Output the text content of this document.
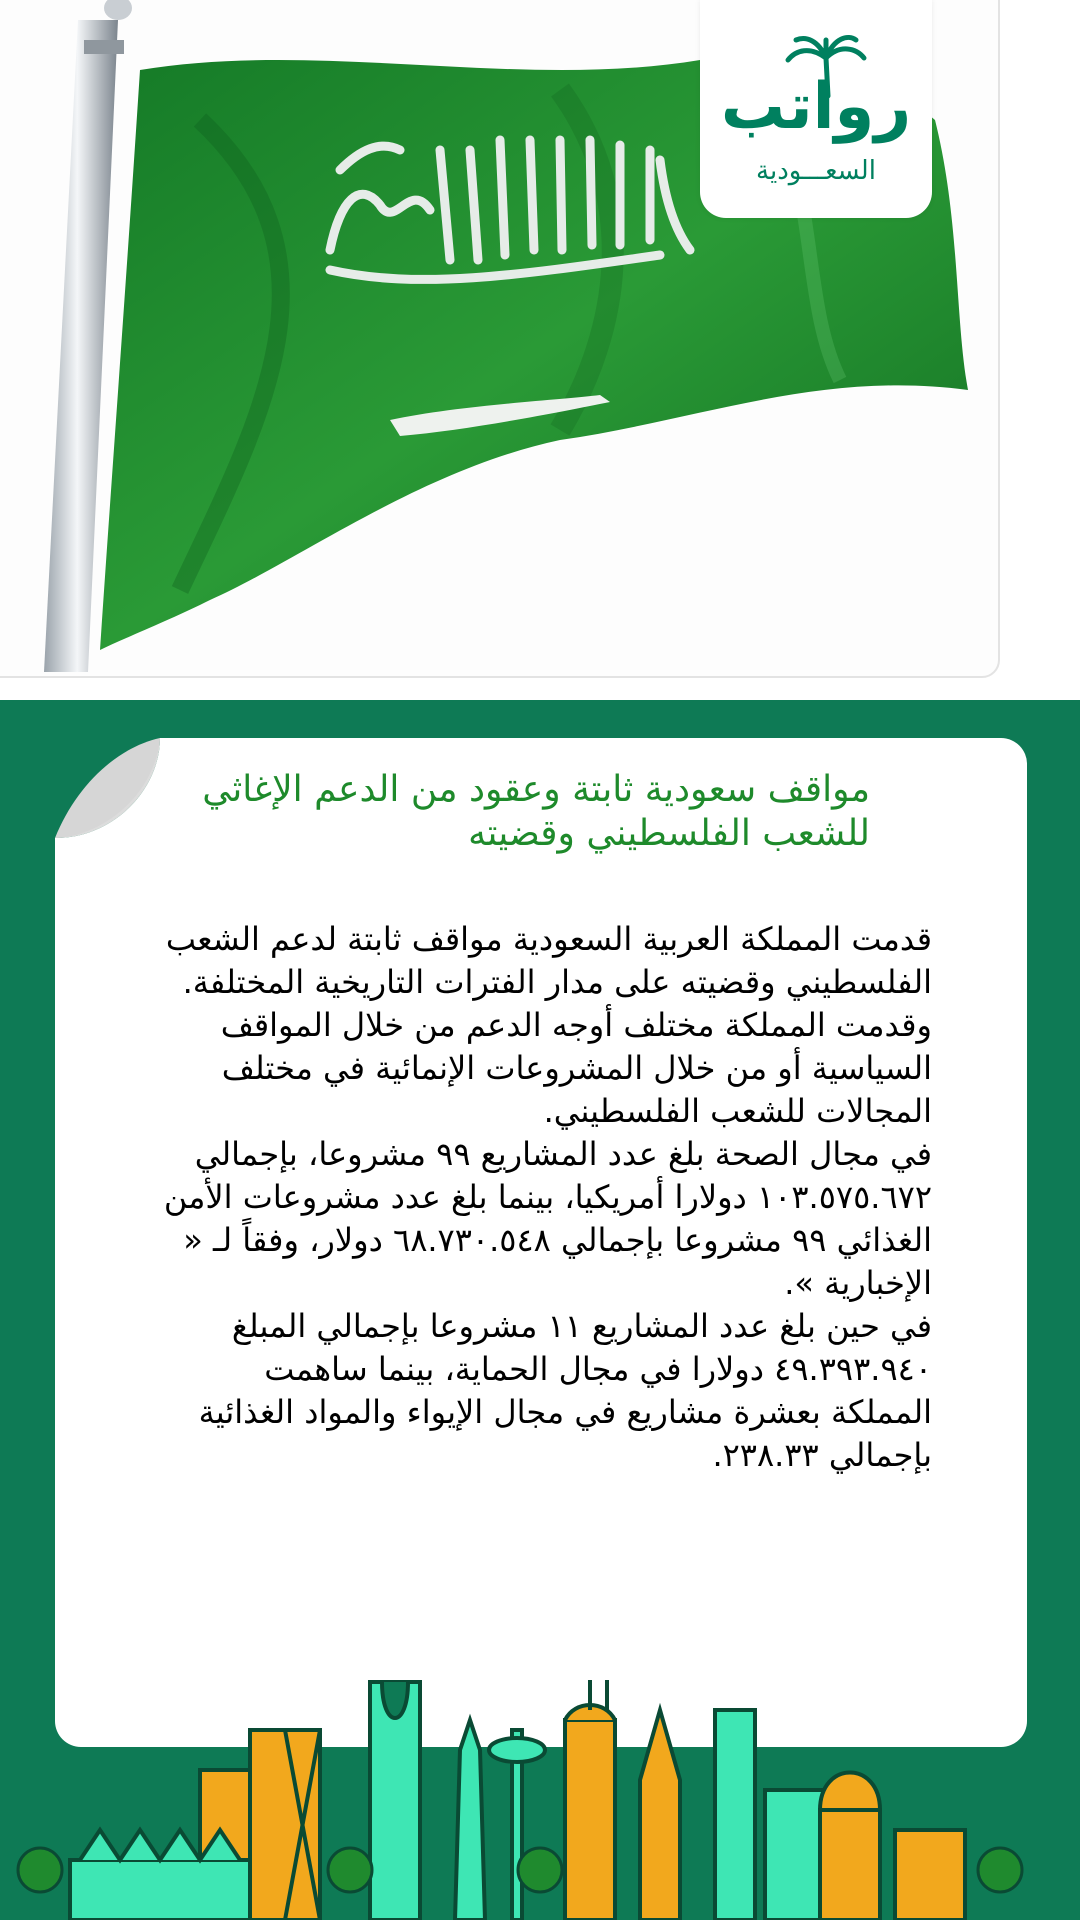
رواتب
السعـــودية
مواقف سعودية ثابتة وعقود من الدعم الإغاثي للشعب الفلسطيني وقضيته

قدمت المملكة العربية السعودية مواقف ثابتة لدعم الشعب الفلسطيني وقضيته على مدار الفترات التاريخية المختلفة.

وقدمت المملكة مختلف أوجه الدعم من خلال المواقف السياسية أو من خلال المشروعات الإنمائية في مختلف المجالات للشعب الفلسطيني.

في مجال الصحة بلغ عدد المشاريع ٩٩ مشروعا، بإجمالي ١٠٣.٥٧٥.٦٧٢ دولارا أمريكيا، بينما بلغ عدد مشروعات الأمن الغذائي ٩٩ مشروعا بإجمالي ٦٨.٧٣٠.٥٤٨ دولار، وفقاً لـ « الإخبارية ».

في حين بلغ عدد المشاريع ١١ مشروعا بإجمالي المبلغ ٤٩.٣٩٣.٩٤٠ دولارا في مجال الحماية، بينما ساهمت المملكة بعشرة مشاريع في مجال الإيواء والمواد الغذائية بإجمالي ٢٣٨.٣٣.
